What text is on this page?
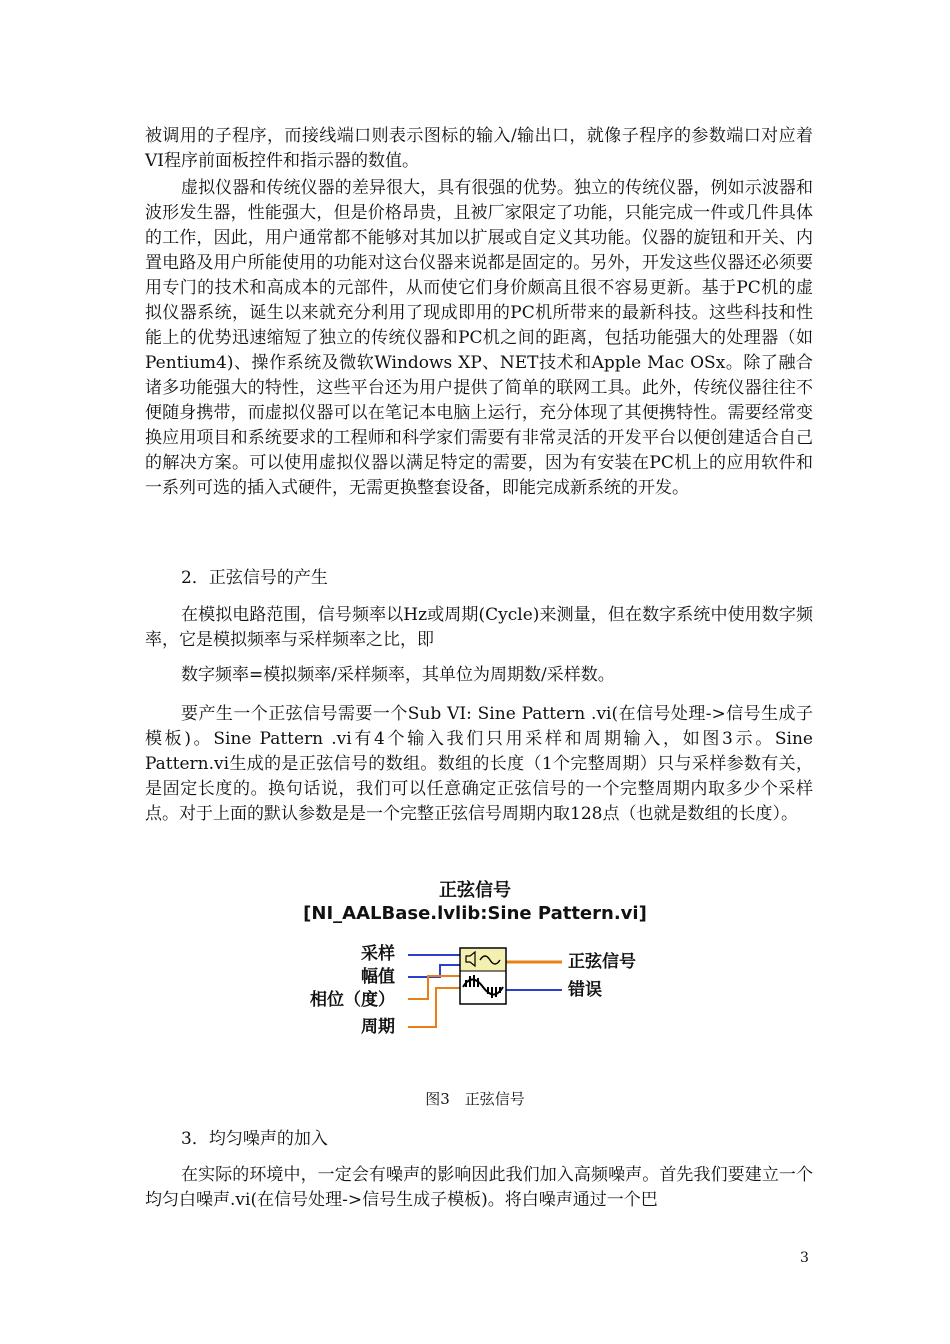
被调用的子程序，而接线端口则表示图标的输入/输出口，就像子程序的参数端口对应着VI程序前面板控件和指示器的数值。

虚拟仪器和传统仪器的差异很大，具有很强的优势。独立的传统仪器，例如示波器和波形发生器，性能强大，但是价格昂贵，且被厂家限定了功能，只能完成一件或几件具体的工作，因此，用户通常都不能够对其加以扩展或自定义其功能。仪器的旋钮和开关、内置电路及用户所能使用的功能对这台仪器来说都是固定的。另外，开发这些仪器还必须要用专门的技术和高成本的元部件，从而使它们身价颇高且很不容易更新。基于PC机的虚拟仪器系统，诞生以来就充分利用了现成即用的PC机所带来的最新科技。这些科技和性能上的优势迅速缩短了独立的传统仪器和PC机之间的距离，包括功能强大的处理器（如Pentium4)、操作系统及微软Windows XP、NET技术和Apple Mac OSx。除了融合诸多功能强大的特性，这些平台还为用户提供了简单的联网工具。此外，传统仪器往往不便随身携带，而虚拟仪器可以在笔记本电脑上运行，充分体现了其便携特性。需要经常变换应用项目和系统要求的工程师和科学家们需要有非常灵活的开发平台以便创建适合自己的解决方案。可以使用虚拟仪器以满足特定的需要，因为有安装在PC机上的应用软件和一系列可选的插入式硬件，无需更换整套设备，即能完成新系统的开发。

2．正弦信号的产生

在模拟电路范围，信号频率以Hz或周期(Cycle)来测量，但在数字系统中使用数字频率，它是模拟频率与采样频率之比，即

数字频率=模拟频率/采样频率，其单位为周期数/采样数。

要产生一个正弦信号需要一个Sub VI: Sine Pattern .vi(在信号处理->信号生成子模板)。Sine Pattern .vi有4个输入我们只用采样和周期输入，如图3示。Sine Pattern.vi生成的是正弦信号的数组。数组的长度（1个完整周期）只与采样参数有关，是固定长度的。换句话说，我们可以任意确定正弦信号的一个完整周期内取多少个采样点。对于上面的默认参数是是一个完整正弦信号周期内取128点（也就是数组的长度）。

正弦信号
[NI_AALBase.lvlib:Sine Pattern.vi]
采样
幅值
相位（度）
周期
正弦信号
错误
图3　正弦信号

3．均匀噪声的加入

在实际的环境中，一定会有噪声的影响因此我们加入高频噪声。首先我们要建立一个均匀白噪声.vi(在信号处理->信号生成子模板)。将白噪声通过一个巴

3
